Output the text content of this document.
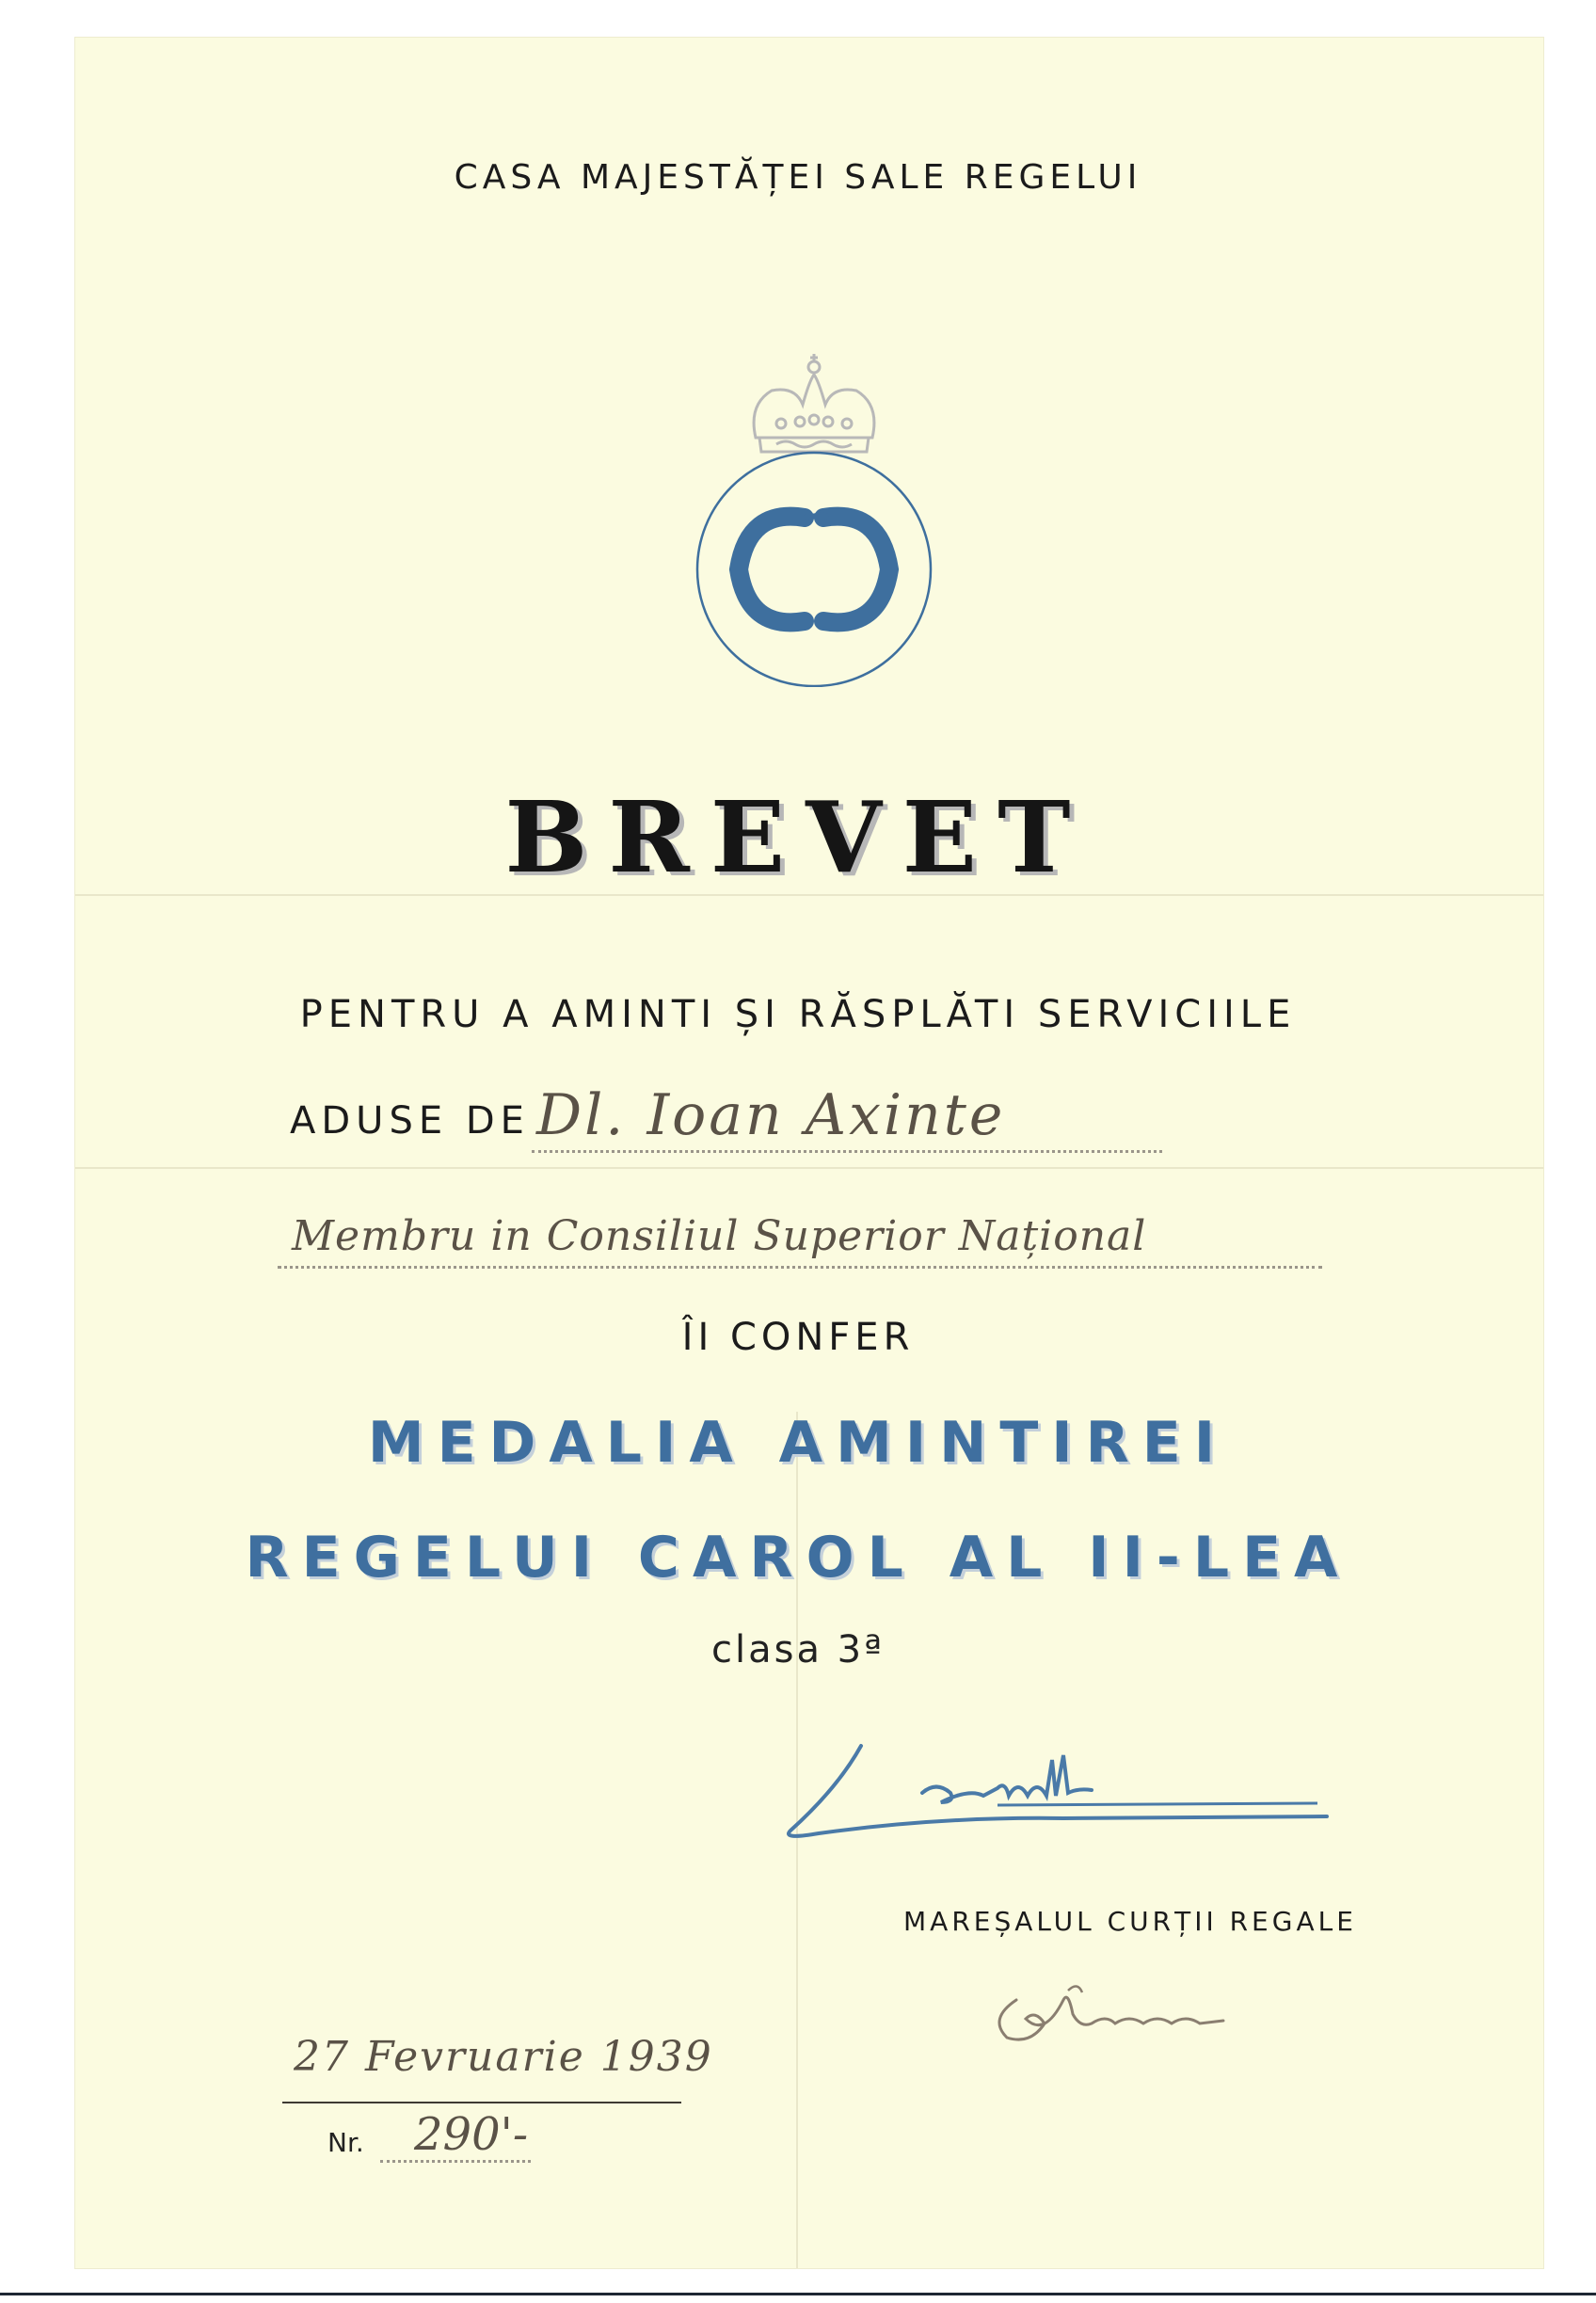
CASA MAJESTĂȚEI SALE REGELUI
BREVET
PENTRU A AMINTI ȘI RĂSPLĂTI SERVICIILE
ADUSE DE Dl. Ioan Axinte
Membru in Consiliul Superior Național
ÎI CONFER
MEDALIA AMINTIREI
REGELUI CAROL AL II-LEA
clasa 3ª
MAREȘALUL CURȚII REGALE
27 Fevruarie 1939
Nr. 290'-
